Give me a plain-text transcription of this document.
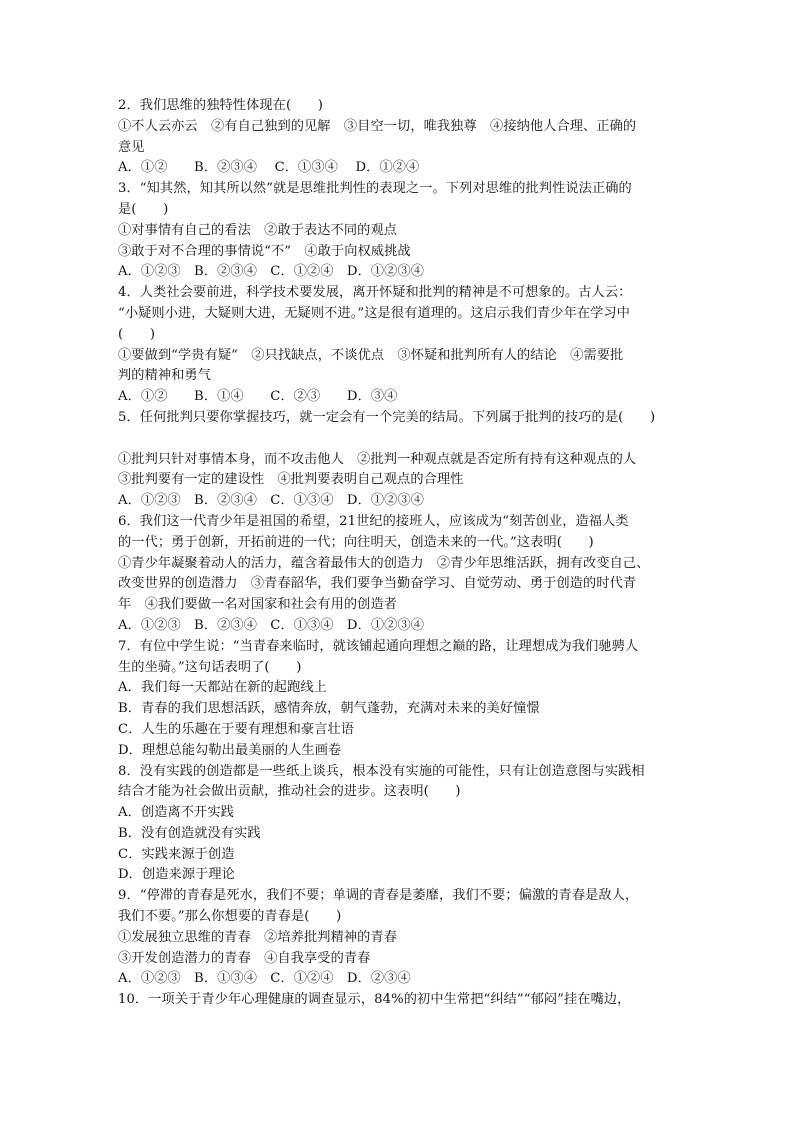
2．我们思维的独特性体现在(　　)
①不人云亦云　②有自己独到的见解　③目空一切，唯我独尊　④接纳他人合理、正确的
意见
A．①②　　B．②③④　 C．①③④　 D．①②④
3．“知其然，知其所以然”就是思维批判性的表现之一。下列对思维的批判性说法正确的
是(　　)
①对事情有自己的看法　②敢于表达不同的观点
③敢于对不合理的事情说“不”　④敢于向权威挑战
A．①②③　B．②③④　C．①②④　D．①②③④
4．人类社会要前进，科学技术要发展，离开怀疑和批判的精神是不可想象的。古人云：
“小疑则小进，大疑则大进，无疑则不进。”这是很有道理的。这启示我们青少年在学习中
(　　)
①要做到“学贵有疑”　②只找缺点，不谈优点　③怀疑和批判所有人的结论　④需要批
判的精神和勇气
A．①②　　B．①④　　C．②③　　D．③④
5．任何批判只要你掌握技巧，就一定会有一个完美的结局。下列属于批判的技巧的是(　　)
①批判只针对事情本身，而不攻击他人　②批判一种观点就是否定所有持有这种观点的人
③批判要有一定的建设性　④批判要表明自己观点的合理性
A．①②③　B．②③④　C．①③④　D．①②③④
6．我们这一代青少年是祖国的希望，21世纪的接班人，应该成为“刻苦创业，造福人类
的一代；勇于创新，开拓前进的一代；向往明天，创造未来的一代。”这表明(　　)
①青少年凝聚着动人的活力，蕴含着最伟大的创造力　②青少年思维活跃，拥有改变自己、
改变世界的创造潜力　③青春韶华，我们要争当勤奋学习、自觉劳动、勇于创造的时代青
年　④我们要做一名对国家和社会有用的创造者
A．①②③　B．②③④　C．①③④　D．①②③④
7．有位中学生说：“当青春来临时，就该铺起通向理想之巅的路，让理想成为我们驰骋人
生的坐骑。”这句话表明了(　　)
A．我们每一天都站在新的起跑线上
B．青春的我们思想活跃，感情奔放，朝气蓬勃，充满对未来的美好憧憬
C．人生的乐趣在于要有理想和豪言壮语
D．理想总能勾勒出最美丽的人生画卷
8．没有实践的创造都是一些纸上谈兵，根本没有实施的可能性，只有让创造意图与实践相
结合才能为社会做出贡献，推动社会的进步。这表明(　　)
A．创造离不开实践
B．没有创造就没有实践
C．实践来源于创造
D．创造来源于理论
9．“停滞的青春是死水，我们不要；单调的青春是萎靡，我们不要；偏激的青春是敌人，
我们不要。”那么你想要的青春是(　　)
①发展独立思维的青春　②培养批判精神的青春
③开发创造潜力的青春　④自我享受的青春
A．①②③　B．①③④　C．①②④　D．②③④
10．一项关于青少年心理健康的调查显示，84%的初中生常把“纠结”“郁闷”挂在嘴边，
